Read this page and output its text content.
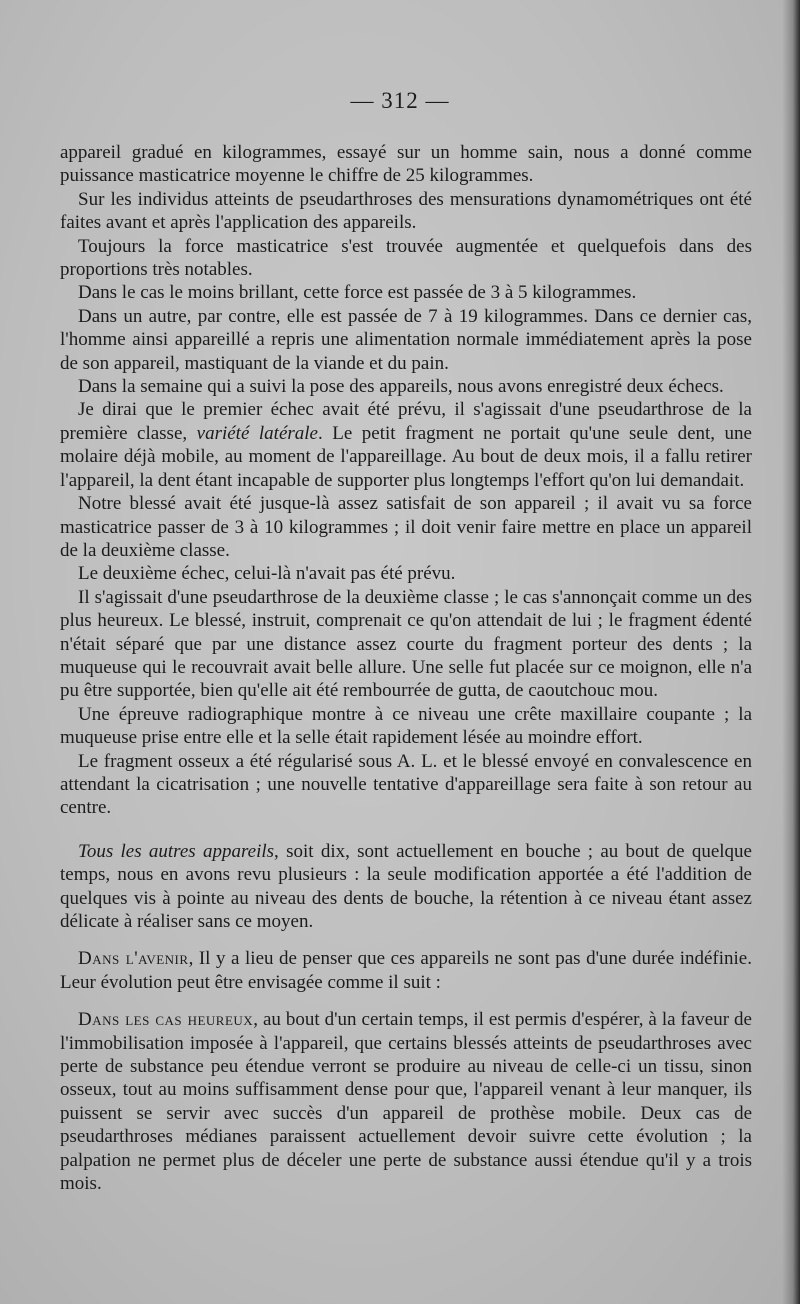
— 312 —

appareil gradué en kilogrammes, essayé sur un homme sain, nous a donné comme puissance masticatrice moyenne le chiffre de 25 kilogrammes.

Sur les individus atteints de pseudarthroses des mensurations dynamométriques ont été faites avant et après l'application des appareils.

Toujours la force masticatrice s'est trouvée augmentée et quelquefois dans des proportions très notables.

Dans le cas le moins brillant, cette force est passée de 3 à 5 kilogrammes.

Dans un autre, par contre, elle est passée de 7 à 19 kilogrammes. Dans ce dernier cas, l'homme ainsi appareillé a repris une alimentation normale immédiatement après la pose de son appareil, mastiquant de la viande et du pain.

Dans la semaine qui a suivi la pose des appareils, nous avons enregistré deux échecs.

Je dirai que le premier échec avait été prévu, il s'agissait d'une pseudarthrose de la première classe, variété latérale. Le petit fragment ne portait qu'une seule dent, une molaire déjà mobile, au moment de l'appareillage. Au bout de deux mois, il a fallu retirer l'appareil, la dent étant incapable de supporter plus longtemps l'effort qu'on lui demandait.

Notre blessé avait été jusque-là assez satisfait de son appareil ; il avait vu sa force masticatrice passer de 3 à 10 kilogrammes ; il doit venir faire mettre en place un appareil de la deuxième classe.

Le deuxième échec, celui-là n'avait pas été prévu.

Il s'agissait d'une pseudarthrose de la deuxième classe ; le cas s'annonçait comme un des plus heureux. Le blessé, instruit, comprenait ce qu'on attendait de lui ; le fragment édenté n'était séparé que par une distance assez courte du fragment porteur des dents ; la muqueuse qui le recouvrait avait belle allure. Une selle fut placée sur ce moignon, elle n'a pu être supportée, bien qu'elle ait été rembourrée de gutta, de caoutchouc mou.

Une épreuve radiographique montre à ce niveau une crête maxillaire coupante ; la muqueuse prise entre elle et la selle était rapidement lésée au moindre effort.

Le fragment osseux a été régularisé sous A. L. et le blessé envoyé en convalescence en attendant la cicatrisation ; une nouvelle tentative d'appareillage sera faite à son retour au centre.

Tous les autres appareils, soit dix, sont actuellement en bouche ; au bout de quelque temps, nous en avons revu plusieurs : la seule modification apportée a été l'addition de quelques vis à pointe au niveau des dents de bouche, la rétention à ce niveau étant assez délicate à réaliser sans ce moyen.

Dans l'avenir, Il y a lieu de penser que ces appareils ne sont pas d'une durée indéfinie. Leur évolution peut être envisagée comme il suit :

Dans les cas heureux, au bout d'un certain temps, il est permis d'espérer, à la faveur de l'immobilisation imposée à l'appareil, que certains blessés atteints de pseudarthroses avec perte de substance peu étendue verront se produire au niveau de celle-ci un tissu, sinon osseux, tout au moins suffisamment dense pour que, l'appareil venant à leur manquer, ils puissent se servir avec succès d'un appareil de prothèse mobile. Deux cas de pseudarthroses médianes paraissent actuellement devoir suivre cette évolution ; la palpation ne permet plus de déceler une perte de substance aussi étendue qu'il y a trois mois.
